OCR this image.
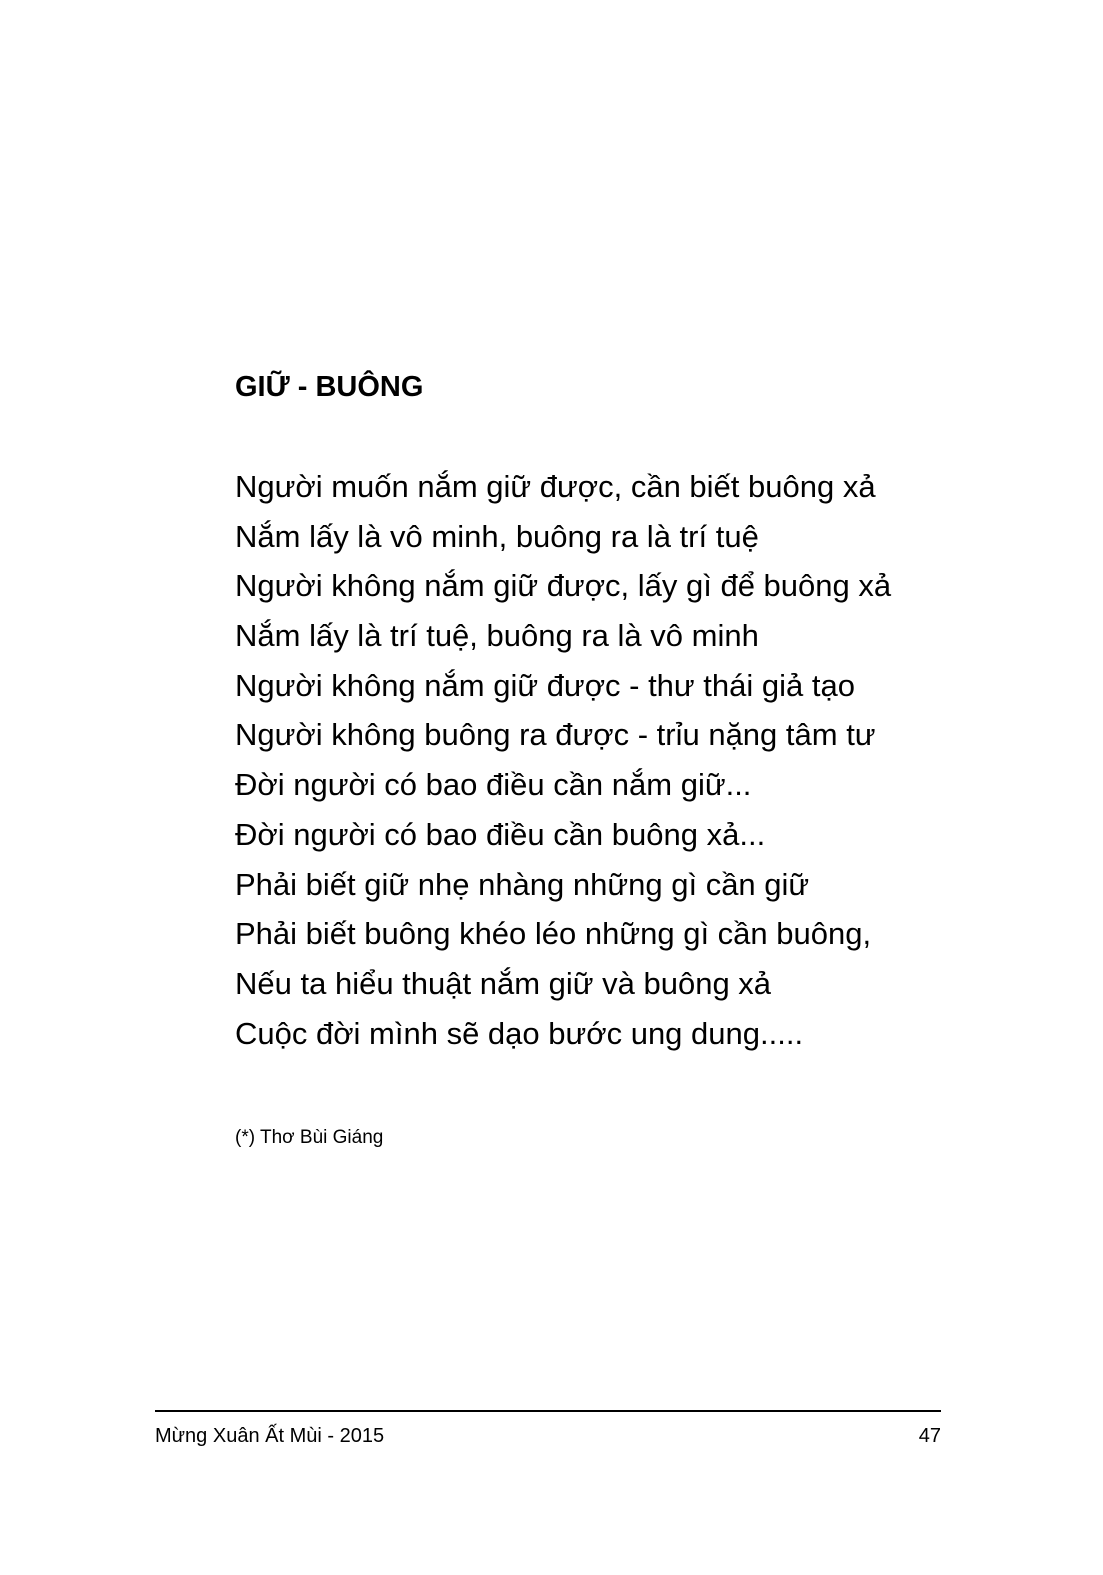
GIỮ - BUÔNG
Người muốn nắm giữ được, cần biết buông xả
Nắm lấy là vô minh, buông ra là trí tuệ
Người không nắm giữ được, lấy gì để buông xả
Nắm lấy là trí tuệ, buông ra là vô minh
Người không nắm giữ được - thư thái giả tạo
Người không buông ra được - trỉu nặng tâm tư
Đời người có bao điều cần nắm giữ...
Đời người có bao điều cần buông xả...
Phải biết giữ nhẹ nhàng những gì cần giữ
Phải biết buông khéo léo những gì cần buông,
Nếu ta hiểu thuật nắm giữ và buông xả
Cuộc đời mình sẽ dạo bước ung dung.....
(*) Thơ Bùi Giáng
Mừng Xuân Ất Mùi - 2015	47
